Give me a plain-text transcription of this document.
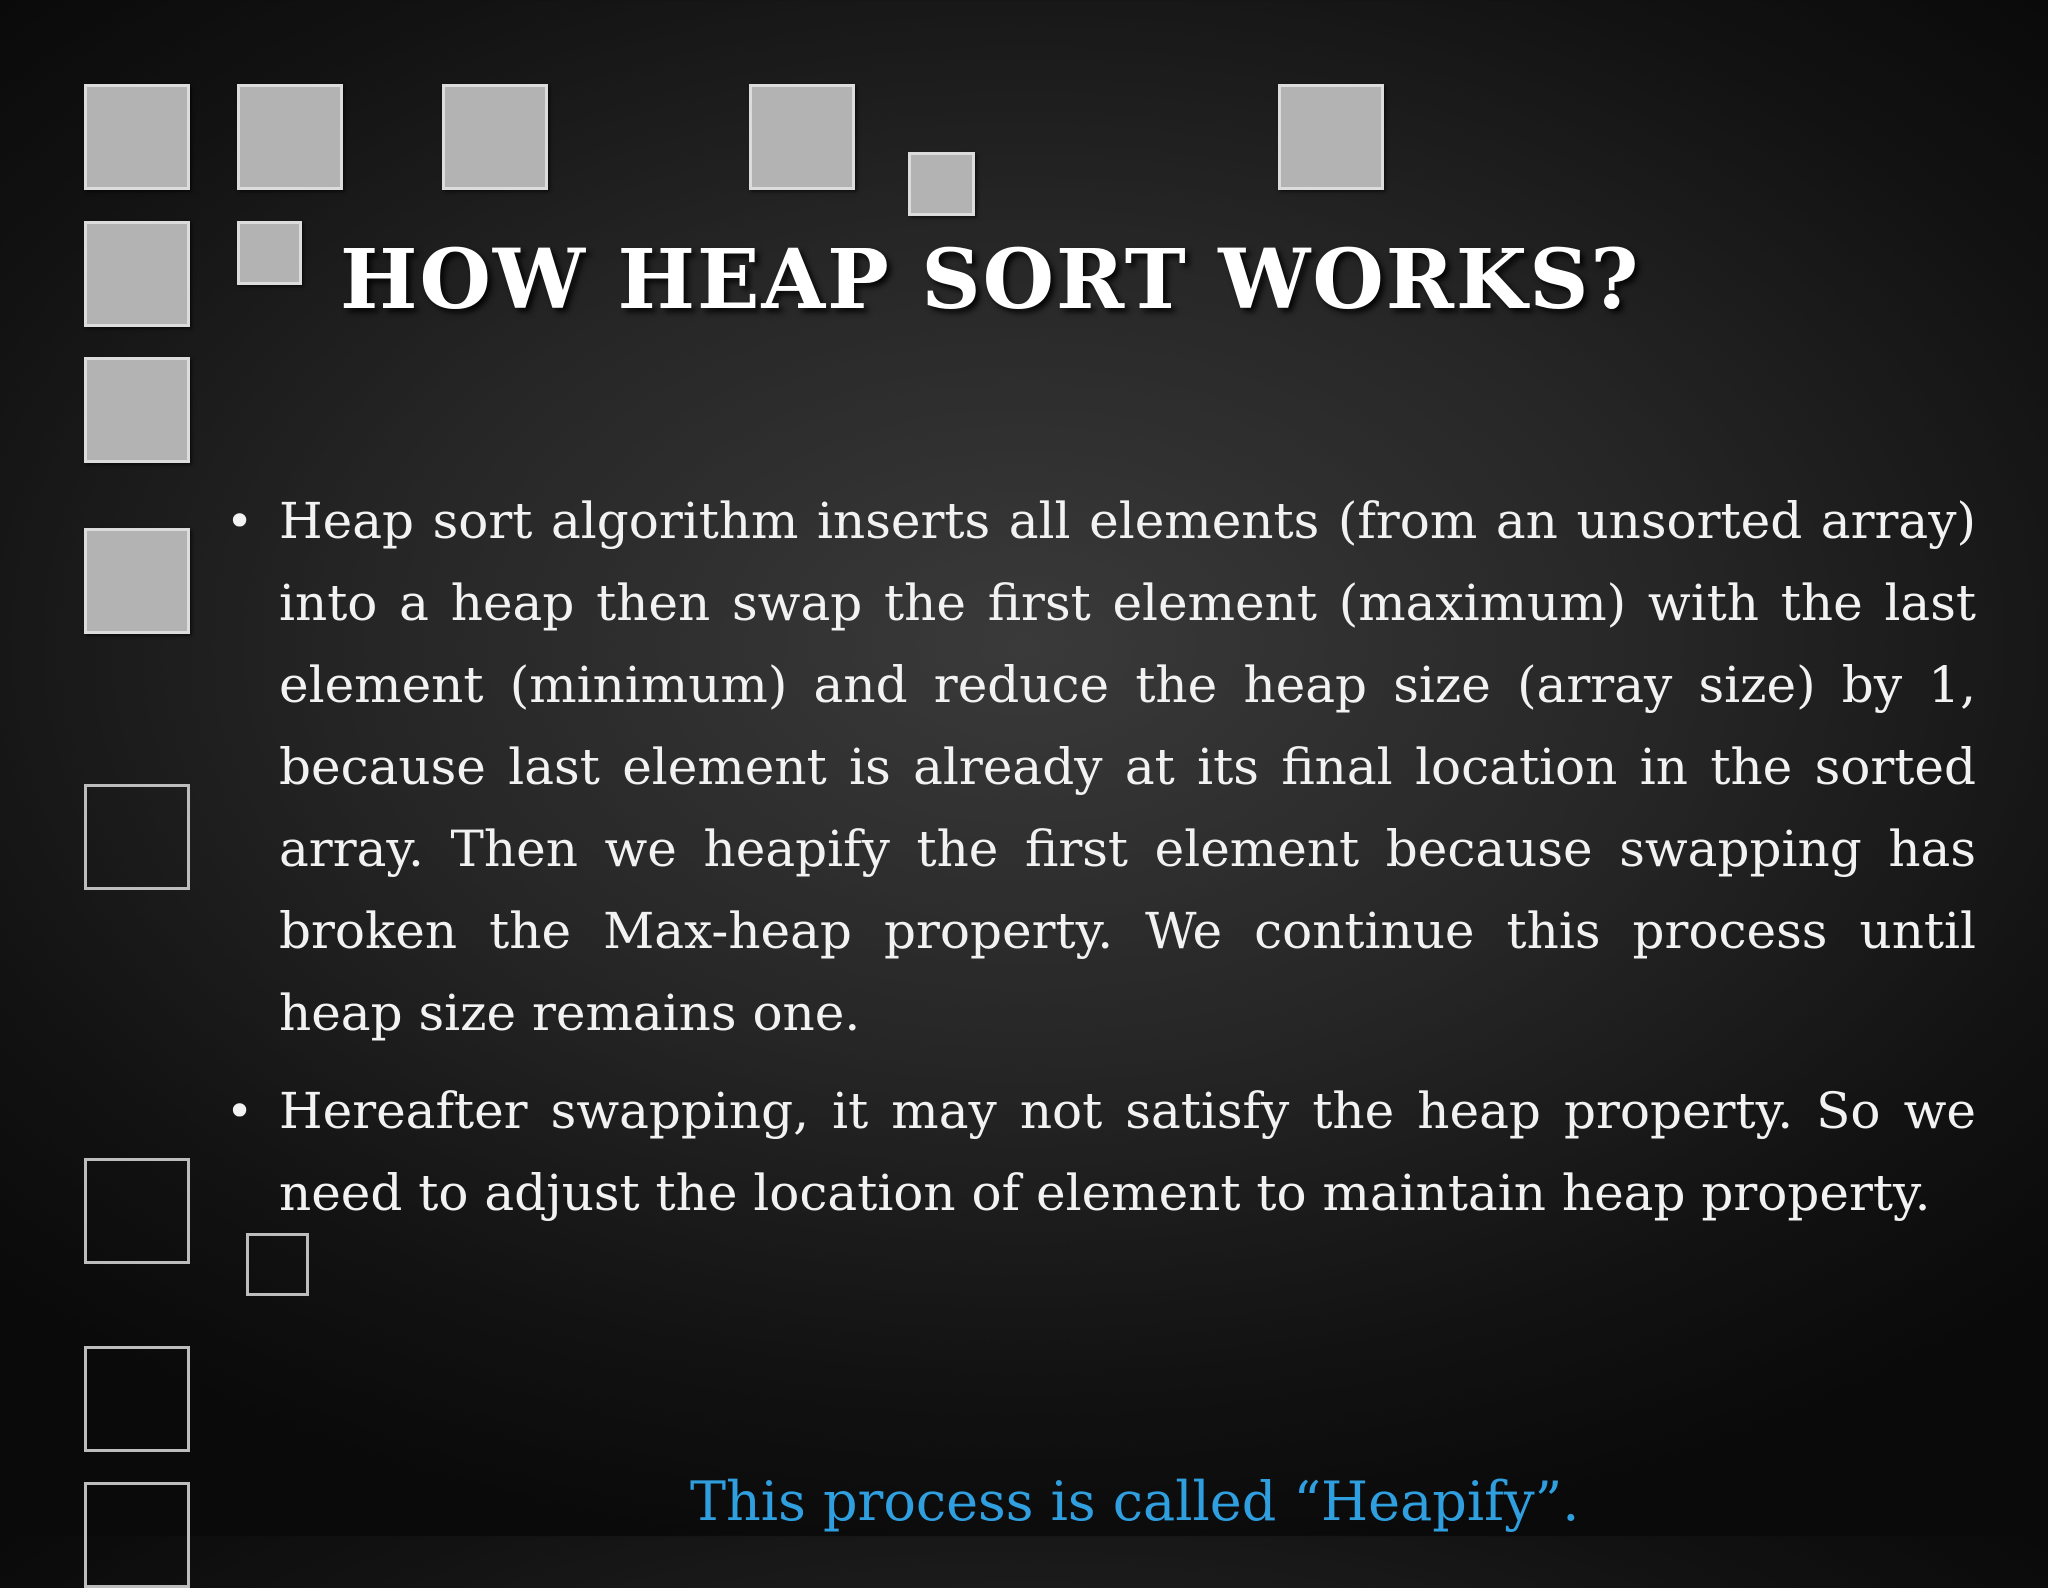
HOW HEAP SORT WORKS?
• Heap sort algorithm inserts all elements (from an unsorted array) into a heap then swap the first element (maximum) with the last element (minimum) and reduce the heap size (array size) by 1, because last element is already at its final location in the sorted array. Then we heapify the first element because swapping has broken the Max-heap property. We continue this process until heap size remains one.
• Hereafter swapping, it may not satisfy the heap property. So we need to adjust the location of element to maintain heap property.

This process is called “Heapify”.
